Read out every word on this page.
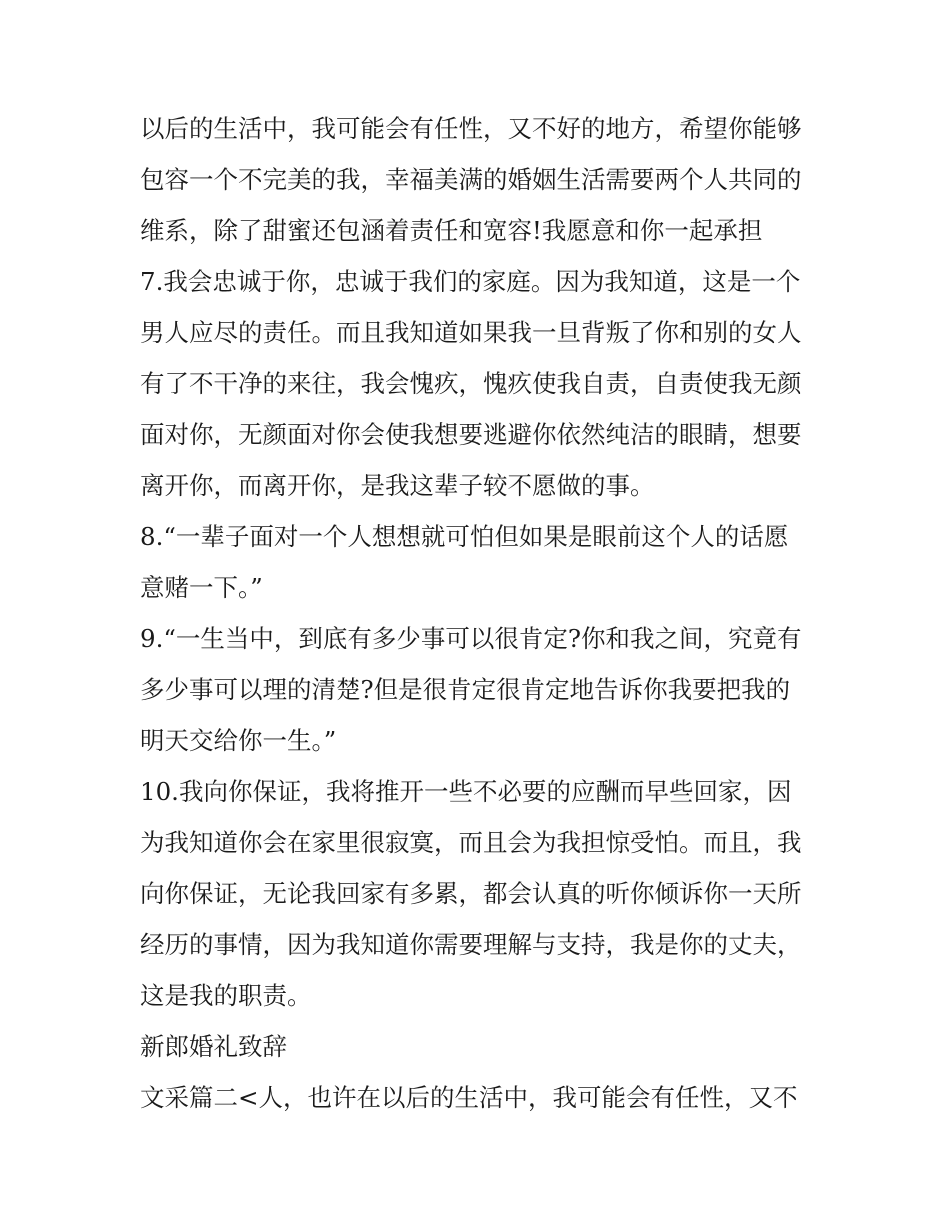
以后的生活中，我可能会有任性，又不好的地方，希望你能够
包容一个不完美的我，幸福美满的婚姻生活需要两个人共同的
维系，除了甜蜜还包涵着责任和宽容!我愿意和你一起承担
7.我会忠诚于你，忠诚于我们的家庭。因为我知道，这是一个
男人应尽的责任。而且我知道如果我一旦背叛了你和别的女人
有了不干净的来往，我会愧疚，愧疚使我自责，自责使我无颜
面对你，无颜面对你会使我想要逃避你依然纯洁的眼睛，想要
离开你，而离开你，是我这辈子较不愿做的事。
8.“一辈子面对一个人想想就可怕但如果是眼前这个人的话愿
意赌一下。”
9.“一生当中，到底有多少事可以很肯定?你和我之间，究竟有
多少事可以理的清楚?但是很肯定很肯定地告诉你我要把我的
明天交给你一生。”
10.我向你保证，我将推开一些不必要的应酬而早些回家，因
为我知道你会在家里很寂寞，而且会为我担惊受怕。而且，我
向你保证，无论我回家有多累，都会认真的听你倾诉你一天所
经历的事情，因为我知道你需要理解与支持，我是你的丈夫，
这是我的职责。
新郎婚礼致辞
文采篇二<人，也许在以后的生活中，我可能会有任性，又不
